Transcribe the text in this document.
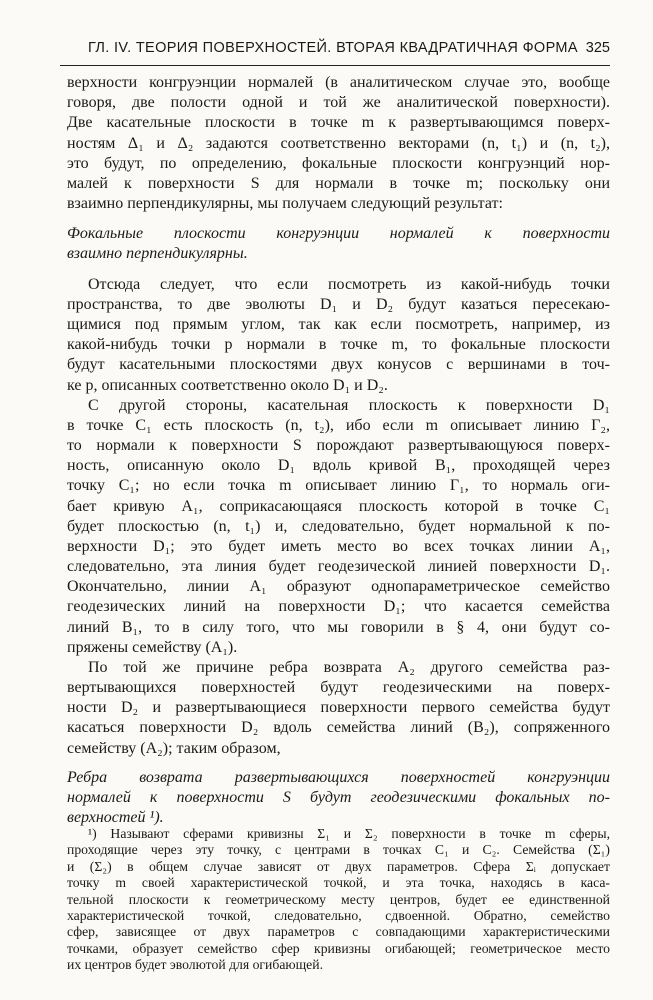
ГЛ. IV. ТЕОРИЯ ПОВЕРХНОСТЕЙ. ВТОРАЯ КВАДРАТИЧНАЯ ФОРМА 325

верхности конгруэнции нормалей (в аналитическом случае это, вообще

говоря, две полости одной и той же аналитической поверхности).

Две касательные плоскости в точке m к развертывающимся поверх-

ностям Δ₁ и Δ₂ задаются соответственно векторами (n, t₁) и (n, t₂),

это будут, по определению, фокальные плоскости конгруэнций нор-

малей к поверхности S для нормали в точке m; поскольку они

взаимно перпендикулярны, мы получаем следующий результат:

Фокальные плоскости конгруэнции нормалей к поверхности

взаимно перпендикулярны.

Отсюда следует, что если посмотреть из какой-нибудь точки

пространства, то две эволюты D₁ и D₂ будут казаться пересекаю-

щимися под прямым углом, так как если посмотреть, например, из

какой-нибудь точки p нормали в точке m, то фокальные плоскости

будут касательными плоскостями двух конусов с вершинами в точ-

ке p, описанных соответственно около D₁ и D₂.

С другой стороны, касательная плоскость к поверхности D₁

в точке C₁ есть плоскость (n, t₂), ибо если m описывает линию Γ₂,

то нормали к поверхности S порождают развертывающуюся поверх-

ность, описанную около D₁ вдоль кривой B₁, проходящей через

точку C₁; но если точка m описывает линию Γ₁, то нормаль оги-

бает кривую A₁, соприкасающаяся плоскость которой в точке C₁

будет плоскостью (n, t₁) и, следовательно, будет нормальной к по-

верхности D₁; это будет иметь место во всех точках линии A₁,

следовательно, эта линия будет геодезической линией поверхности D₁.

Окончательно, линии A₁ образуют однопараметрическое семейство

геодезических линий на поверхности D₁; что касается семейства

линий B₁, то в силу того, что мы говорили в § 4, они будут со-

пряжены семейству (A₁).

По той же причине ребра возврата A₂ другого семейства раз-

вертывающихся поверхностей будут геодезическими на поверх-

ности D₂ и развертывающиеся поверхности первого семейства будут

касаться поверхности D₂ вдоль семейства линий (B₂), сопряженного

семейству (A₂); таким образом,

Ребра возврата развертывающихся поверхностей конгруэнции

нормалей к поверхности S будут геодезическими фокальных по-

верхностей ¹).

¹) Называют сферами кривизны Σ₁ и Σ₂ поверхности в точке m сферы,

проходящие через эту точку, с центрами в точках C₁ и C₂. Семейства (Σ₁)

и (Σ₂) в общем случае зависят от двух параметров. Сфера Σᵢ допускает

точку m своей характеристической точкой, и эта точка, находясь в каса-

тельной плоскости к геометрическому месту центров, будет ее единственной

характеристической точкой, следовательно, сдвоенной. Обратно, семейство

сфер, зависящее от двух параметров с совпадающими характеристическими

точками, образует семейство сфер кривизны огибающей; геометрическое место

их центров будет эволютой для огибающей.
